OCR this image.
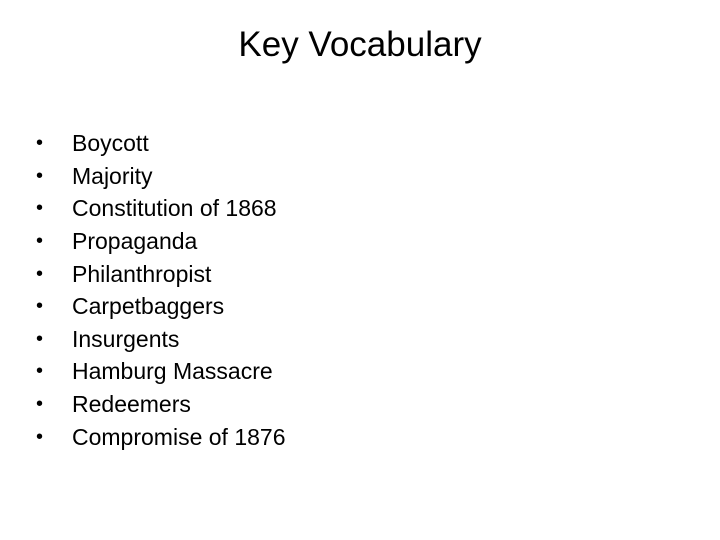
Key Vocabulary
•	Boycott
•	Majority
•	Constitution of 1868
•	Propaganda
•	Philanthropist
•	Carpetbaggers
•	Insurgents
•	Hamburg Massacre
•	Redeemers
•	Compromise of 1876
